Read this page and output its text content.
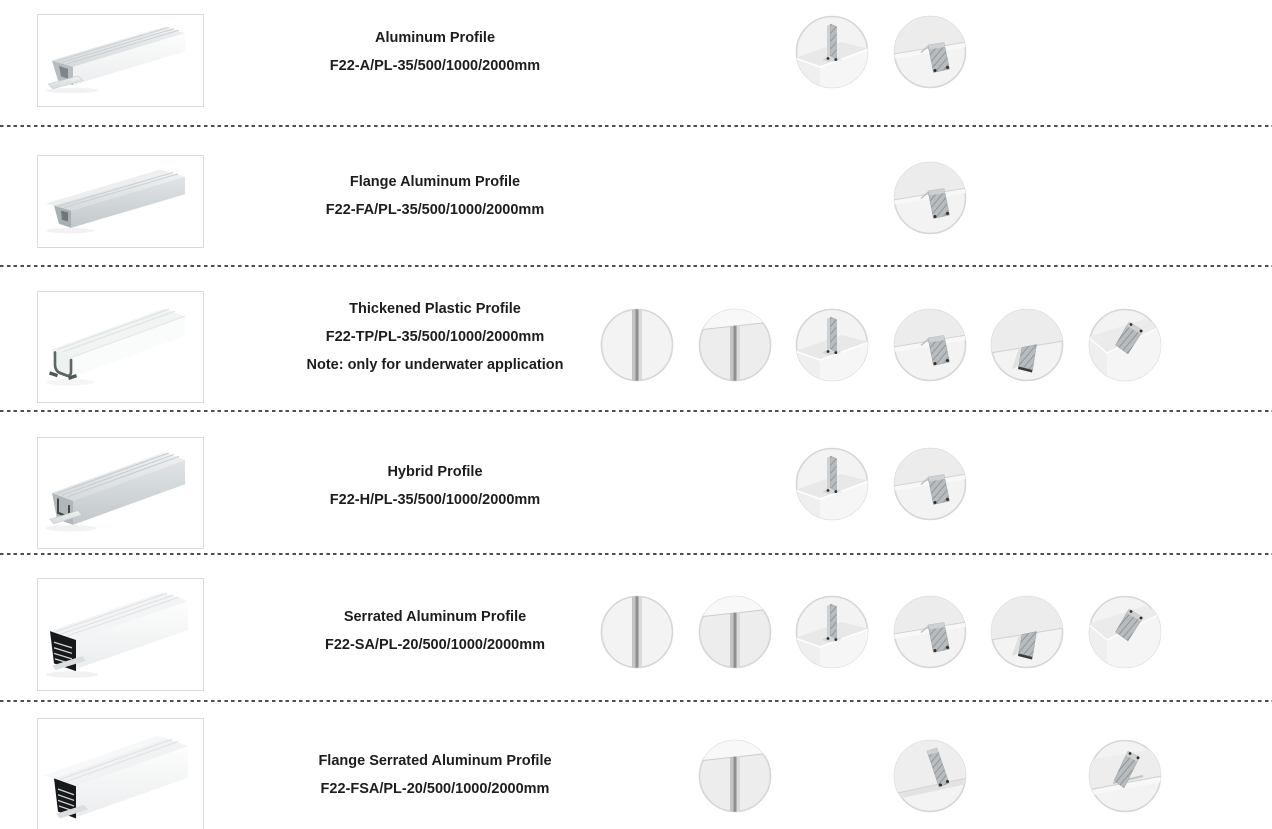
Aluminum Profile
F22-A/PL-35/500/1000/2000mm
Flange Aluminum Profile
F22-FA/PL-35/500/1000/2000mm
Thickened Plastic Profile
F22-TP/PL-35/500/1000/2000mm
Note: only for underwater application
Hybrid Profile
F22-H/PL-35/500/1000/2000mm
Serrated Aluminum Profile
F22-SA/PL-20/500/1000/2000mm
Flange Serrated Aluminum Profile
F22-FSA/PL-20/500/1000/2000mm
